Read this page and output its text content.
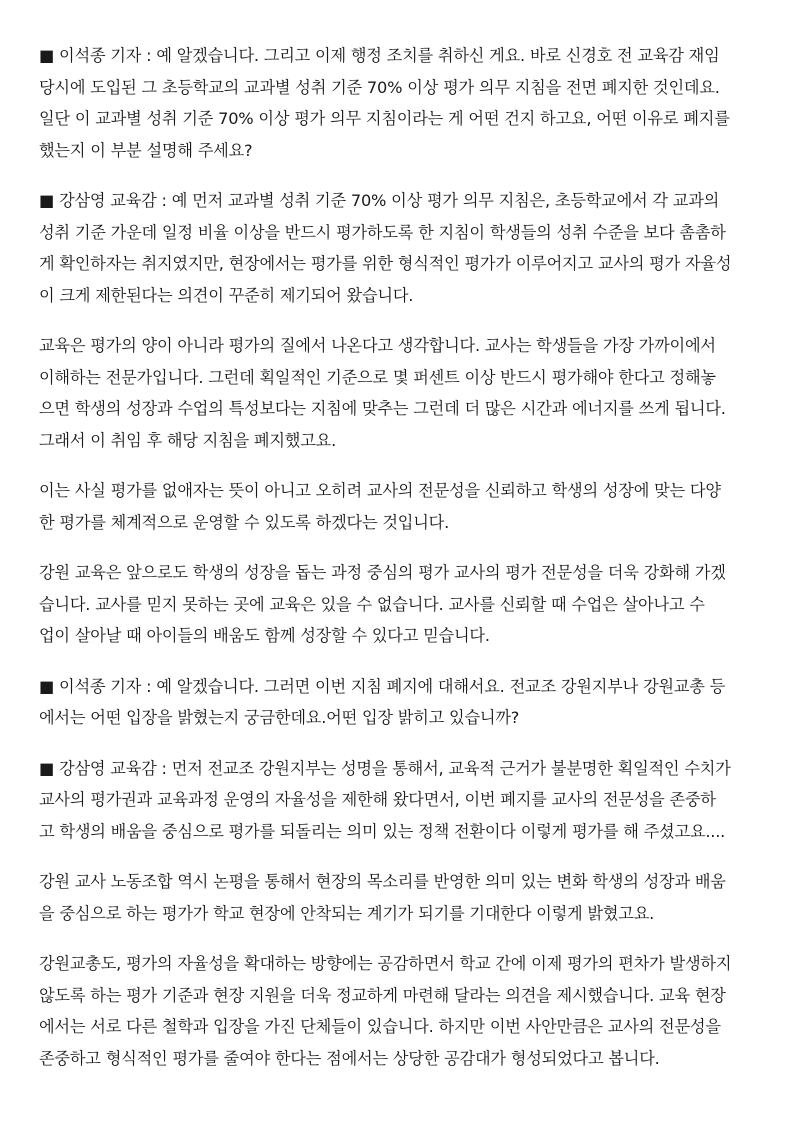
■ 이석종 기자 : 예 알겠습니다. 그리고 이제 행정 조치를 취하신 게요. 바로 신경호 전 교육감 재임
당시에 도입된 그 초등학교의 교과별 성취 기준 70% 이상 평가 의무 지침을 전면 폐지한 것인데요.
일단 이 교과별 성취 기준 70% 이상 평가 의무 지침이라는 게 어떤 건지 하고요, 어떤 이유로 폐지를
했는지 이 부분 설명해 주세요?

■ 강삼영 교육감 : 예 먼저 교과별 성취 기준 70% 이상 평가 의무 지침은, 초등학교에서 각 교과의
성취 기준 가운데 일정 비율 이상을 반드시 평가하도록 한 지침이 학생들의 성취 수준을 보다 촘촘하
게 확인하자는 취지였지만, 현장에서는 평가를 위한 형식적인 평가가 이루어지고 교사의 평가 자율성
이 크게 제한된다는 의견이 꾸준히 제기되어 왔습니다.

교육은 평가의 양이 아니라 평가의 질에서 나온다고 생각합니다. 교사는 학생들을 가장 가까이에서
이해하는 전문가입니다. 그런데 획일적인 기준으로 몇 퍼센트 이상 반드시 평가해야 한다고 정해놓
으면 학생의 성장과 수업의 특성보다는 지침에 맞추는 그런데 더 많은 시간과 에너지를 쓰게 됩니다.
그래서 이 취임 후 해당 지침을 폐지했고요.

이는 사실 평가를 없애자는 뜻이 아니고 오히려 교사의 전문성을 신뢰하고 학생의 성장에 맞는 다양
한 평가를 체계적으로 운영할 수 있도록 하겠다는 것입니다.

강원 교육은 앞으로도 학생의 성장을 돕는 과정 중심의 평가 교사의 평가 전문성을 더욱 강화해 가겠
습니다. 교사를 믿지 못하는 곳에 교육은 있을 수 없습니다. 교사를 신뢰할 때 수업은 살아나고 수
업이 살아날 때 아이들의 배움도 함께 성장할 수 있다고 믿습니다.

■ 이석종 기자 : 예 알겠습니다. 그러면 이번 지침 폐지에 대해서요. 전교조 강원지부나 강원교총 등
에서는 어떤 입장을 밝혔는지 궁금한데요.어떤 입장 밝히고 있습니까?

■ 강삼영 교육감 : 먼저 전교조 강원지부는 성명을 통해서, 교육적 근거가 불분명한 획일적인 수치가
교사의 평가권과 교육과정 운영의 자율성을 제한해 왔다면서, 이번 폐지를 교사의 전문성을 존중하
고 학생의 배움을 중심으로 평가를 되돌리는 의미 있는 정책 전환이다 이렇게 평가를 해 주셨고요....

강원 교사 노동조합 역시 논평을 통해서 현장의 목소리를 반영한 의미 있는 변화 학생의 성장과 배움
을 중심으로 하는 평가가 학교 현장에 안착되는 계기가 되기를 기대한다 이렇게 밝혔고요.

강원교총도, 평가의 자율성을 확대하는 방향에는 공감하면서 학교 간에 이제 평가의 편차가 발생하지
않도록 하는 평가 기준과 현장 지원을 더욱 정교하게 마련해 달라는 의견을 제시했습니다. 교육 현장
에서는 서로 다른 철학과 입장을 가진 단체들이 있습니다. 하지만 이번 사안만큼은 교사의 전문성을
존중하고 형식적인 평가를 줄여야 한다는 점에서는 상당한 공감대가 형성되었다고 봅니다.
